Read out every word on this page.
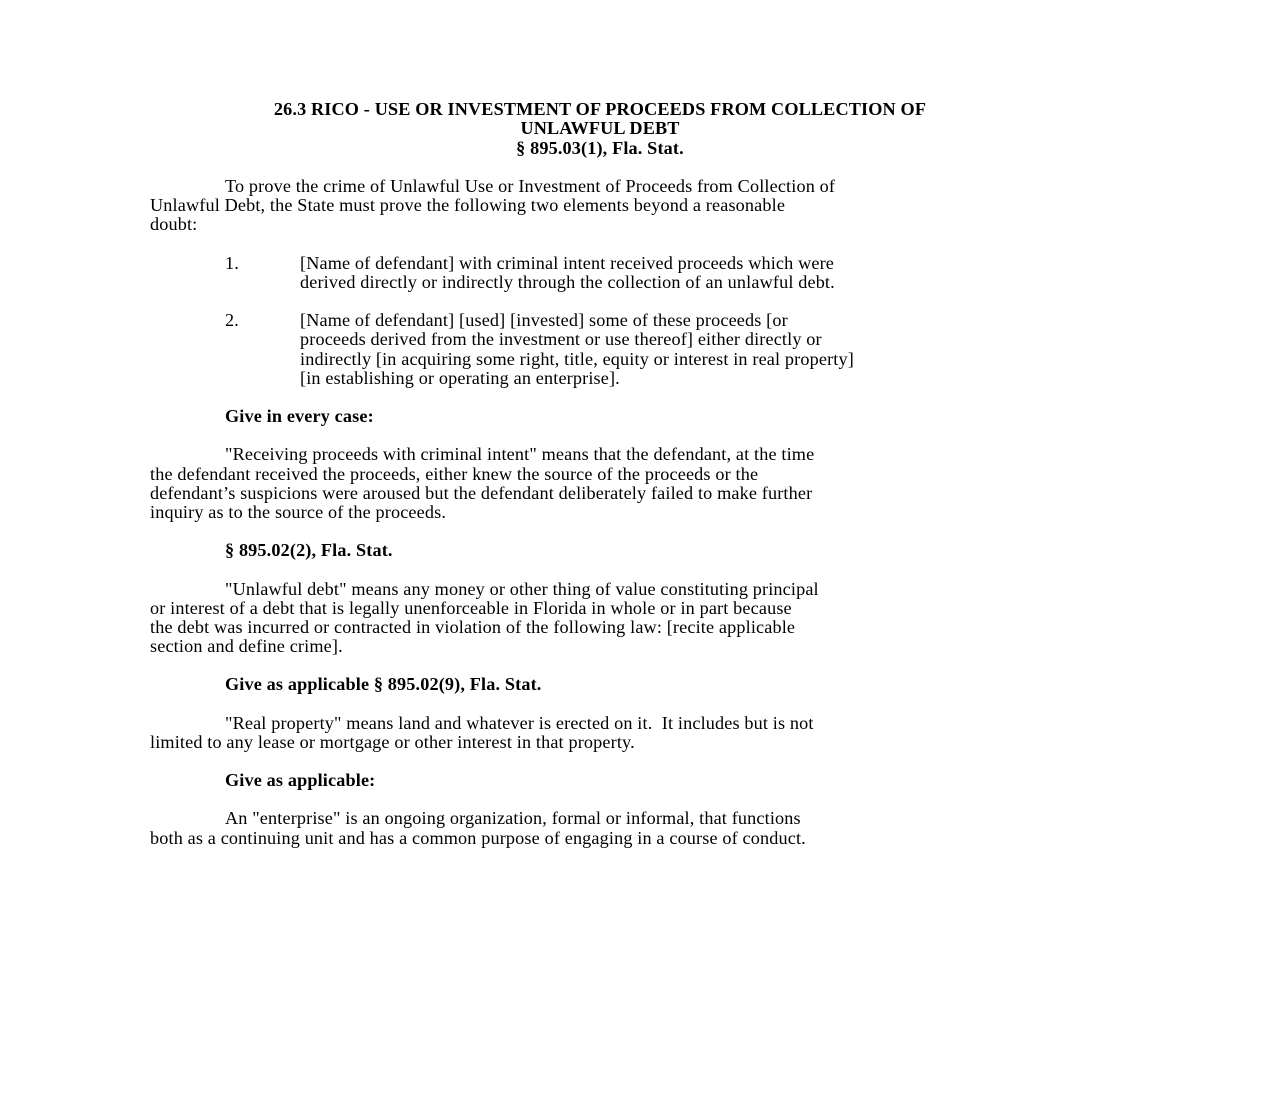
26.3 RICO - USE OR INVESTMENT OF PROCEEDS FROM COLLECTION OF
UNLAWFUL DEBT
§ 895.03(1), Fla. Stat.
To prove the crime of Unlawful Use or Investment of Proceeds from Collection of
Unlawful Debt, the State must prove the following two elements beyond a reasonable
doubt:
1.	[Name of defendant] with criminal intent received proceeds which were
derived directly or indirectly through the collection of an unlawful debt.
2.	[Name of defendant] [used] [invested] some of these proceeds [or
proceeds derived from the investment or use thereof] either directly or
indirectly [in acquiring some right, title, equity or interest in real property]
[in establishing or operating an enterprise].
Give in every case:
"Receiving proceeds with criminal intent" means that the defendant, at the time
the defendant received the proceeds, either knew the source of the proceeds or the
defendant’s suspicions were aroused but the defendant deliberately failed to make further
inquiry as to the source of the proceeds.
§ 895.02(2), Fla. Stat.
"Unlawful debt" means any money or other thing of value constituting principal
or interest of a debt that is legally unenforceable in Florida in whole or in part because
the debt was incurred or contracted in violation of the following law: [recite applicable
section and define crime].
Give as applicable § 895.02(9), Fla. Stat.
"Real property" means land and whatever is erected on it.  It includes but is not
limited to any lease or mortgage or other interest in that property.
Give as applicable:
An "enterprise" is an ongoing organization, formal or informal, that functions
both as a continuing unit and has a common purpose of engaging in a course of conduct.
